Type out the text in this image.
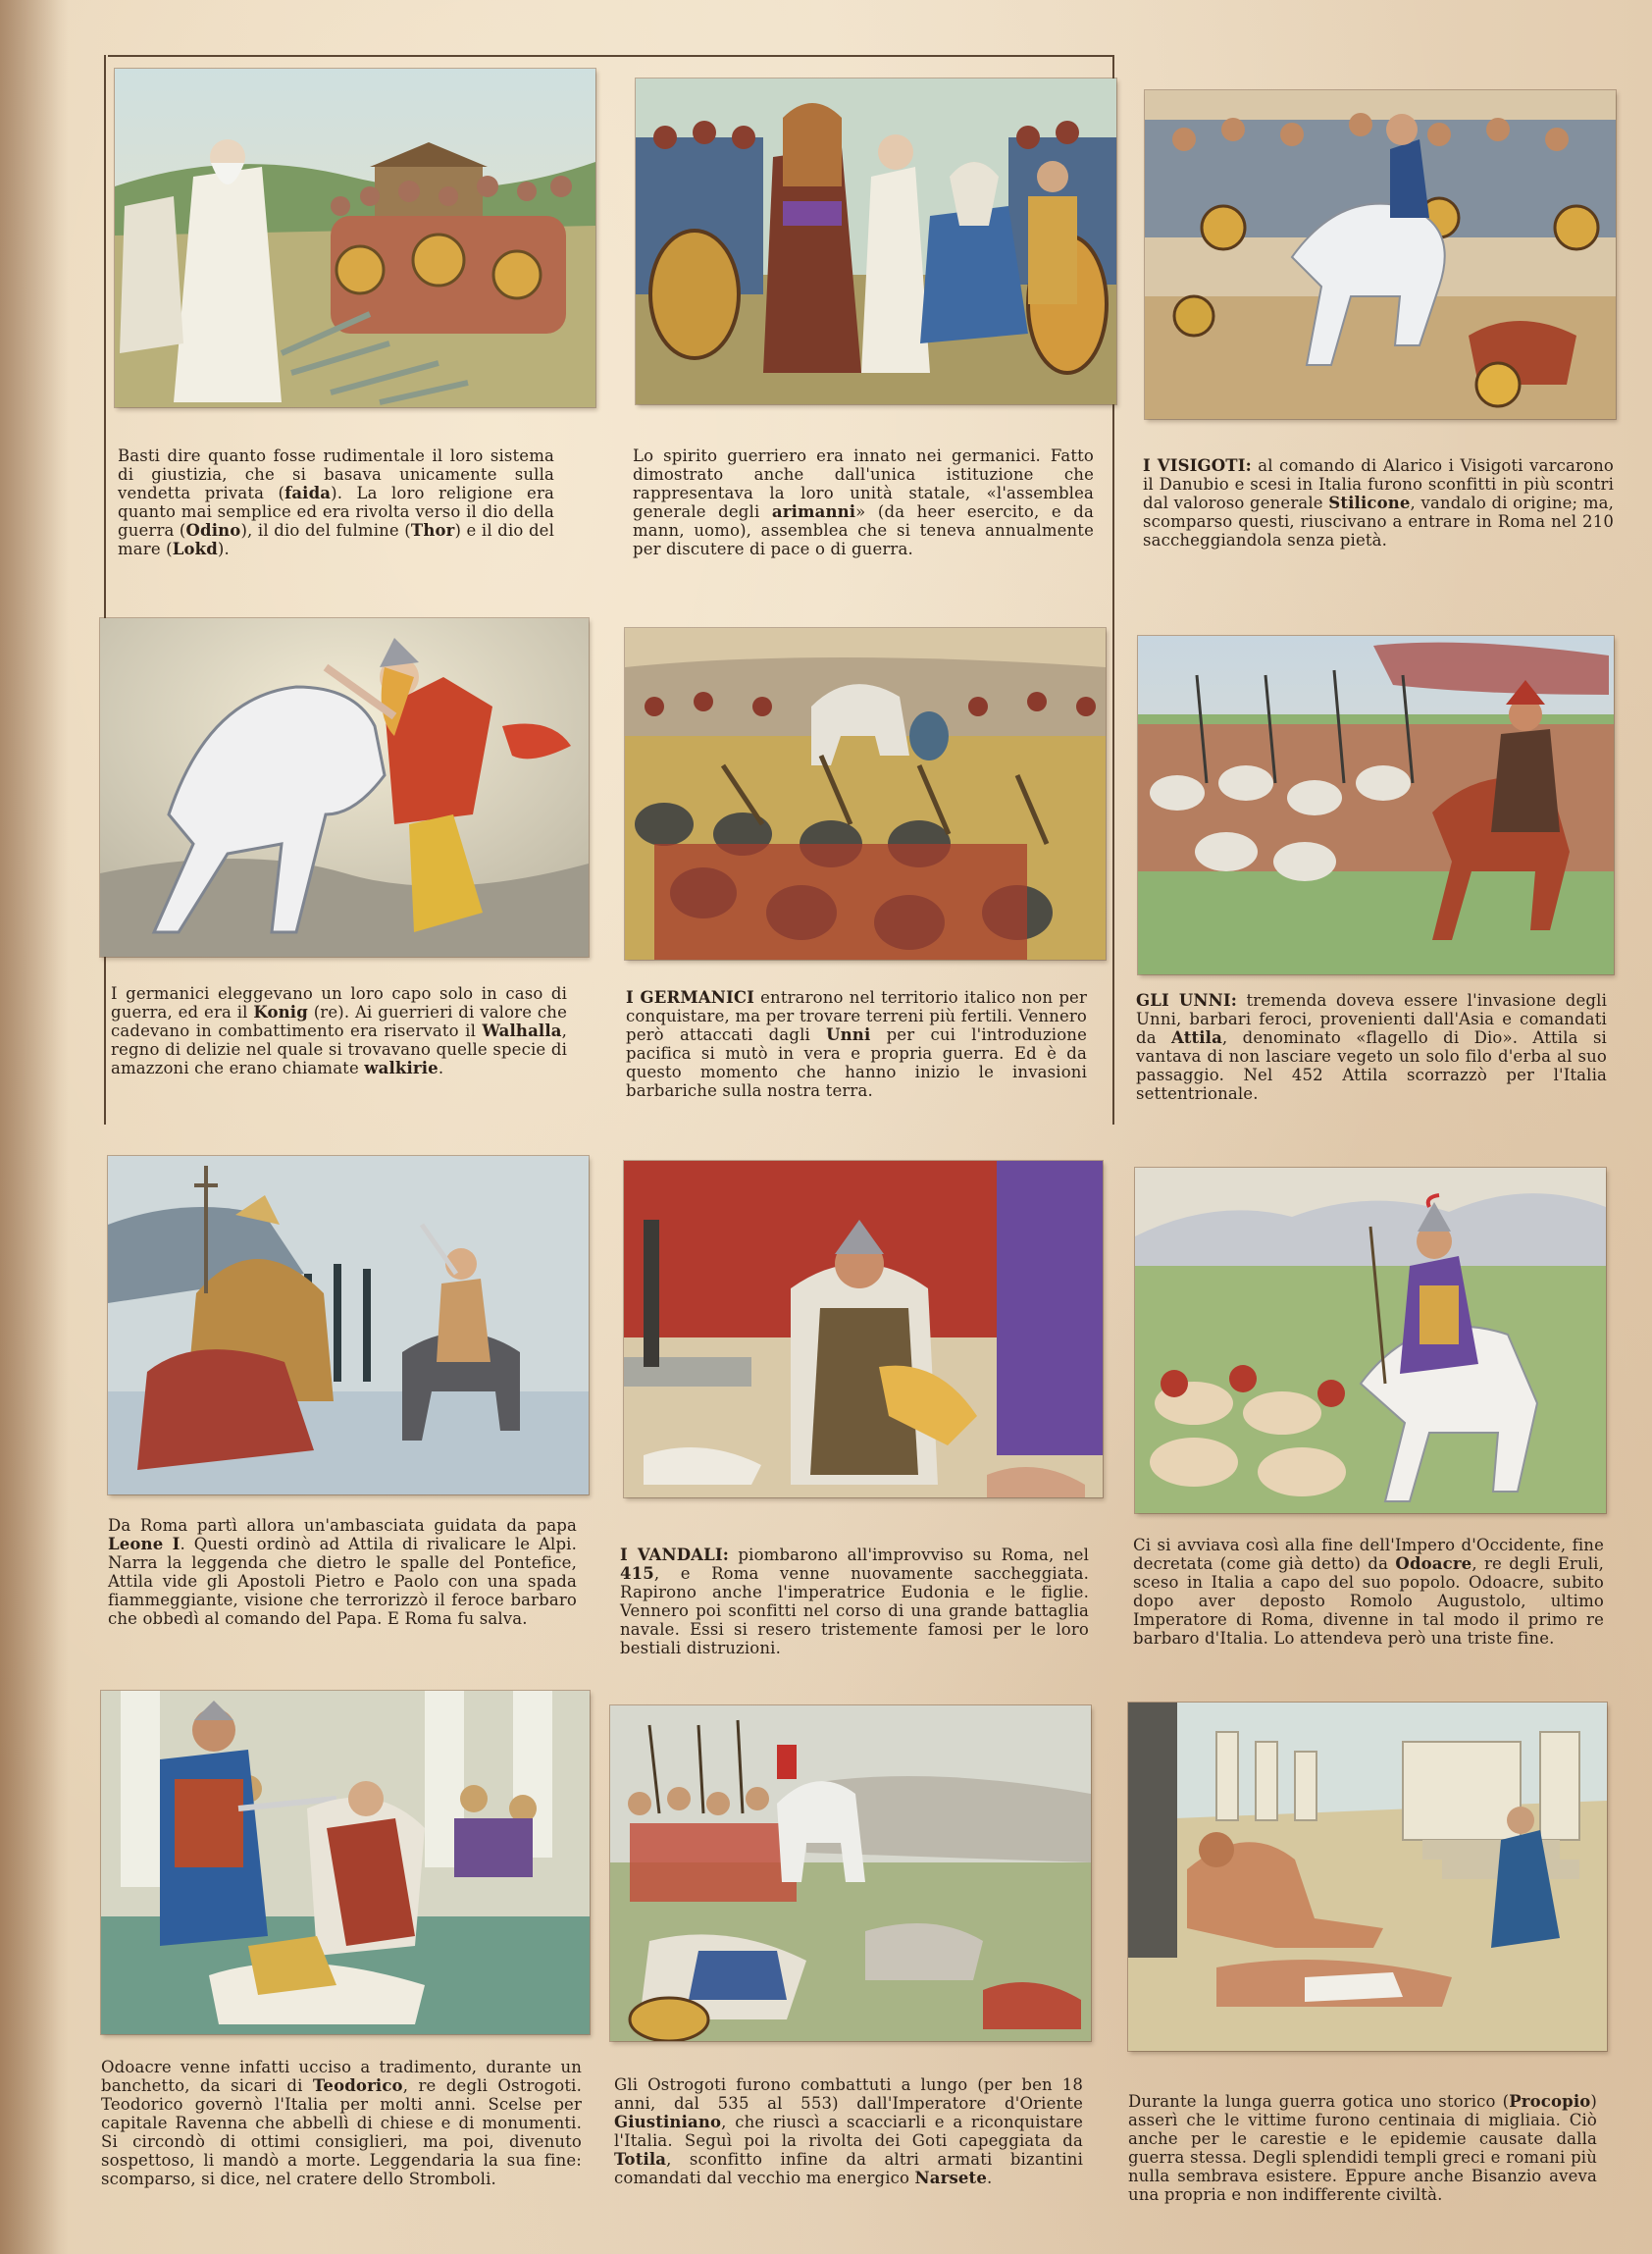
Basti dire quanto fosse rudimentale il loro sistema di giustizia, che si basava unicamente sulla vendetta privata (faida). La loro religione era quanto mai semplice ed era rivolta verso il dio della guerra (Odino), il dio del fulmine (Thor) e il dio del mare (Lokd).
Lo spirito guerriero era innato nei germanici. Fatto dimostrato anche dall'unica istituzione che rappresentava la loro unità statale, «l'assemblea generale degli arimanni» (da heer esercito, e da mann, uomo), assemblea che si teneva annualmente per discutere di pace o di guerra.
I VISIGOTI: al comando di Alarico i Visigoti varcarono il Danubio e scesi in Italia furono sconfitti in più scontri dal valoroso generale Stilicone, vandalo di origine; ma, scomparso questi, riuscivano a entrare in Roma nel 210 saccheggiandola senza pietà.
I germanici eleggevano un loro capo solo in caso di guerra, ed era il Konig (re). Ai guerrieri di valore che cadevano in combattimento era riservato il Walhalla, regno di delizie nel quale si trovavano quelle specie di amazzoni che erano chiamate walkirie.
I GERMANICI entrarono nel territorio italico non per conquistare, ma per trovare terreni più fertili. Vennero però attaccati dagli Unni per cui l'introduzione pacifica si mutò in vera e propria guerra. Ed è da questo momento che hanno inizio le invasioni barbariche sulla nostra terra.
GLI UNNI: tremenda doveva essere l'invasione degli Unni, barbari feroci, provenienti dall'Asia e comandati da Attila, denominato «flagello di Dio». Attila si vantava di non lasciare vegeto un solo filo d'erba al suo passaggio. Nel 452 Attila scorrazzò per l'Italia settentrionale.
Da Roma partì allora un'ambasciata guidata da papa Leone I. Questi ordinò ad Attila di rivalicare le Alpi. Narra la leggenda che dietro le spalle del Pontefice, Attila vide gli Apostoli Pietro e Paolo con una spada fiammeggiante, visione che terrorizzò il feroce barbaro che obbedì al comando del Papa. E Roma fu salva.
I VANDALI: piombarono all'improvviso su Roma, nel 415, e Roma venne nuovamente saccheggiata. Rapirono anche l'imperatrice Eudonia e le figlie. Vennero poi sconfitti nel corso di una grande battaglia navale. Essi si resero tristemente famosi per le loro bestiali distruzioni.
Ci si avviava così alla fine dell'Impero d'Occidente, fine decretata (come già detto) da Odoacre, re degli Eruli, sceso in Italia a capo del suo popolo. Odoacre, subito dopo aver deposto Romolo Augustolo, ultimo Imperatore di Roma, divenne in tal modo il primo re barbaro d'Italia. Lo attendeva però una triste fine.
Odoacre venne infatti ucciso a tradimento, durante un banchetto, da sicari di Teodorico, re degli Ostrogoti. Teodorico governò l'Italia per molti anni. Scelse per capitale Ravenna che abbellì di chiese e di monumenti. Si circondò di ottimi consiglieri, ma poi, divenuto sospettoso, li mandò a morte. Leggendaria la sua fine: scomparso, si dice, nel cratere dello Stromboli.
Gli Ostrogoti furono combattuti a lungo (per ben 18 anni, dal 535 al 553) dall'Imperatore d'Oriente Giustiniano, che riuscì a scacciarli e a riconquistare l'Italia. Seguì poi la rivolta dei Goti capeggiata da Totila, sconfitto infine da altri armati bizantini comandati dal vecchio ma energico Narsete.
Durante la lunga guerra gotica uno storico (Procopio) asserì che le vittime furono centinaia di migliaia. Ciò anche per le carestie e le epidemie causate dalla guerra stessa. Degli splendidi templi greci e romani più nulla sembrava esistere. Eppure anche Bisanzio aveva una propria e non indifferente civiltà.
